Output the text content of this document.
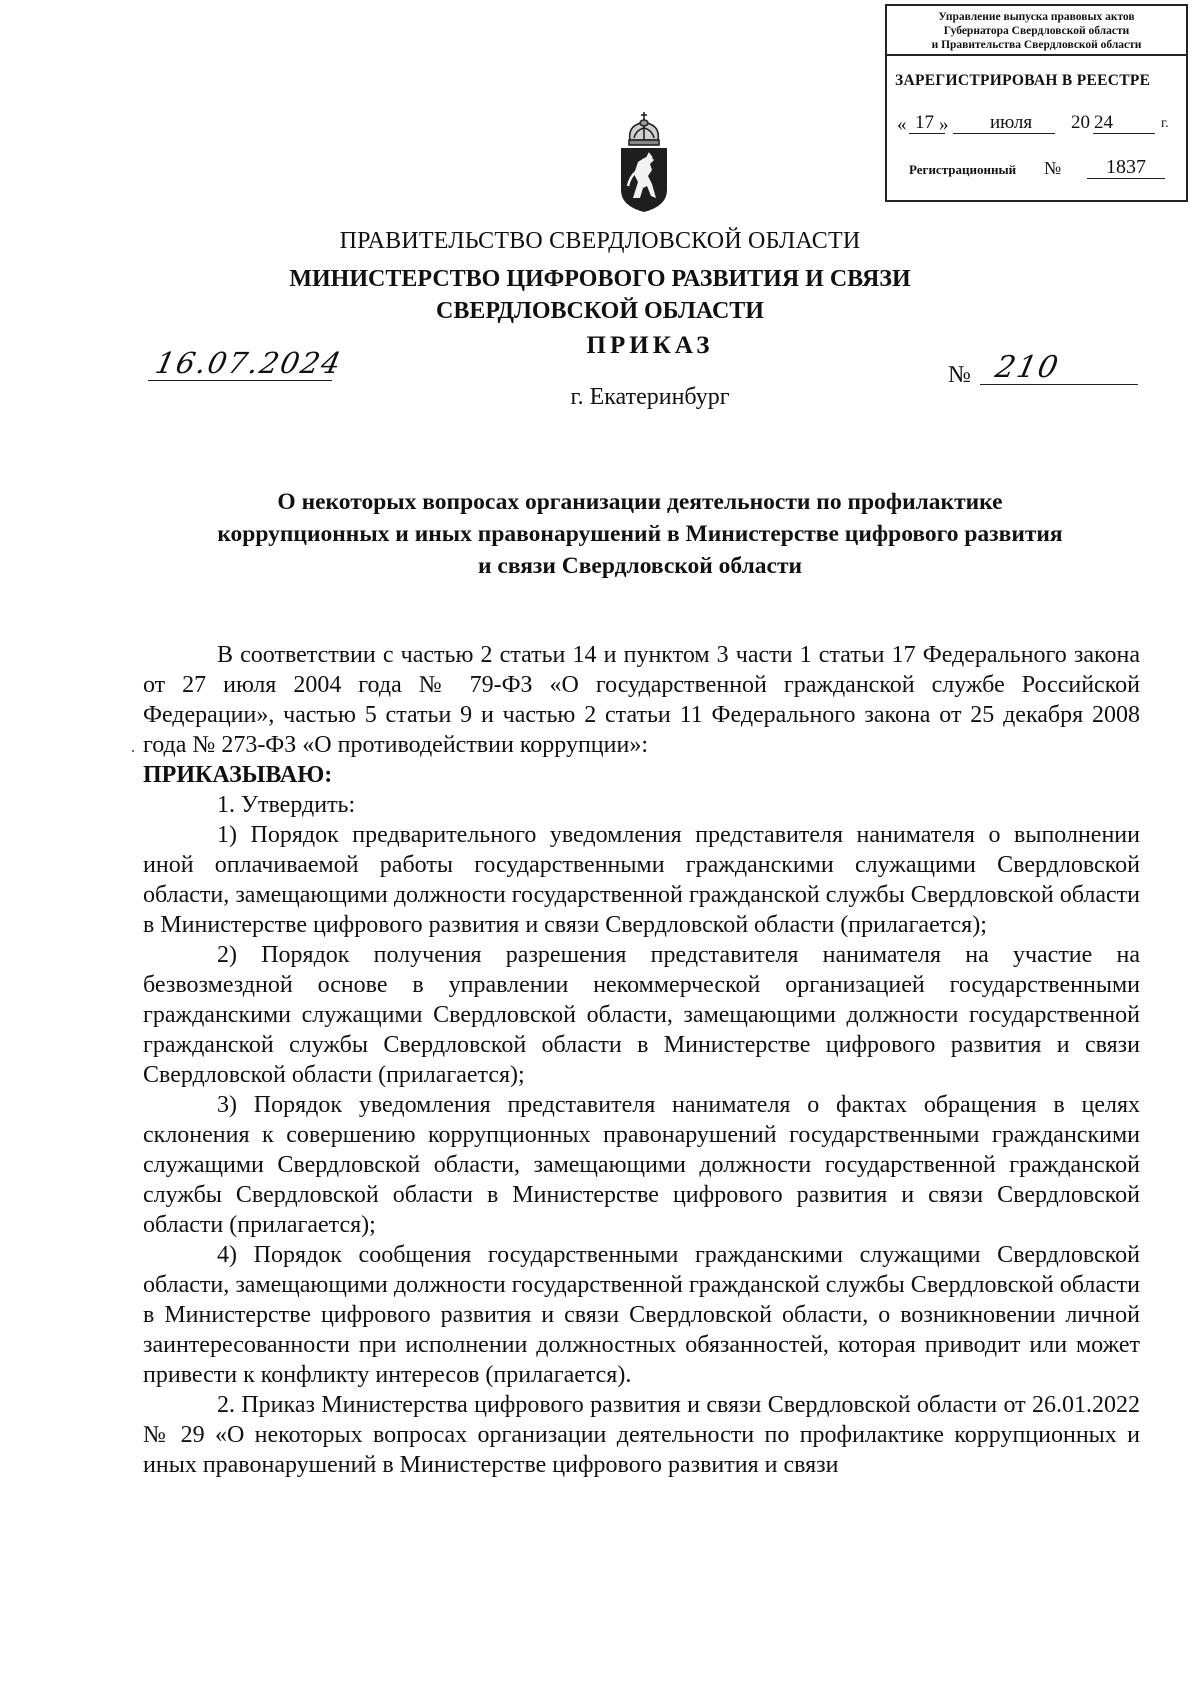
Управление выпуска правовых актов
Губернатора Свердловской области
и Правительства Свердловской области
ЗАРЕГИСТРИРОВАН В РЕЕСТРЕ
« 17 » июля 20 24	г.
Регистрационный №	1837
ПРАВИТЕЛЬСТВО СВЕРДЛОВСКОЙ ОБЛАСТИ
МИНИСТЕРСТВО ЦИФРОВОГО РАЗВИТИЯ И СВЯЗИ
СВЕРДЛОВСКОЙ ОБЛАСТИ
ПРИКАЗ
16.07.2024	№ 210
г. Екатеринбург
О некоторых вопросах организации деятельности по профилактике
коррупционных и иных правонарушений в Министерстве цифрового развития
и связи Свердловской области

В соответствии с частью 2 статьи 14 и пунктом 3 части 1 статьи 17 Федерального закона от 27 июля 2004 года № 79-ФЗ «О государственной гражданской службе Российской Федерации», частью 5 статьи 9 и частью 2 статьи 11 Федерального закона от 25 декабря 2008 года № 273-ФЗ «О противодействии коррупции»:

ПРИКАЗЫВАЮ:

1. Утвердить:

1) Порядок предварительного уведомления представителя нанимателя о выполнении иной оплачиваемой работы государственными гражданскими служащими Свердловской области, замещающими должности государственной гражданской службы Свердловской области в Министерстве цифрового развития и связи Свердловской области (прилагается);

2) Порядок получения разрешения представителя нанимателя на участие на безвозмездной основе в управлении некоммерческой организацией государственными гражданскими служащими Свердловской области, замещающими должности государственной гражданской службы Свердловской области в Министерстве цифрового развития и связи Свердловской области (прилагается);

3) Порядок уведомления представителя нанимателя о фактах обращения в целях склонения к совершению коррупционных правонарушений государственными гражданскими служащими Свердловской области, замещающими должности государственной гражданской службы Свердловской области в Министерстве цифрового развития и связи Свердловской области (прилагается);

4) Порядок сообщения государственными гражданскими служащими Свердловской области, замещающими должности государственной гражданской службы Свердловской области в Министерстве цифрового развития и связи Свердловской области, о возникновении личной заинтересованности при исполнении должностных обязанностей, которая приводит или может привести к конфликту интересов (прилагается).

2. Приказ Министерства цифрового развития и связи Свердловской области от 26.01.2022 № 29 «О некоторых вопросах организации деятельности по профилактике коррупционных и иных правонарушений в Министерстве цифрового развития и связи
